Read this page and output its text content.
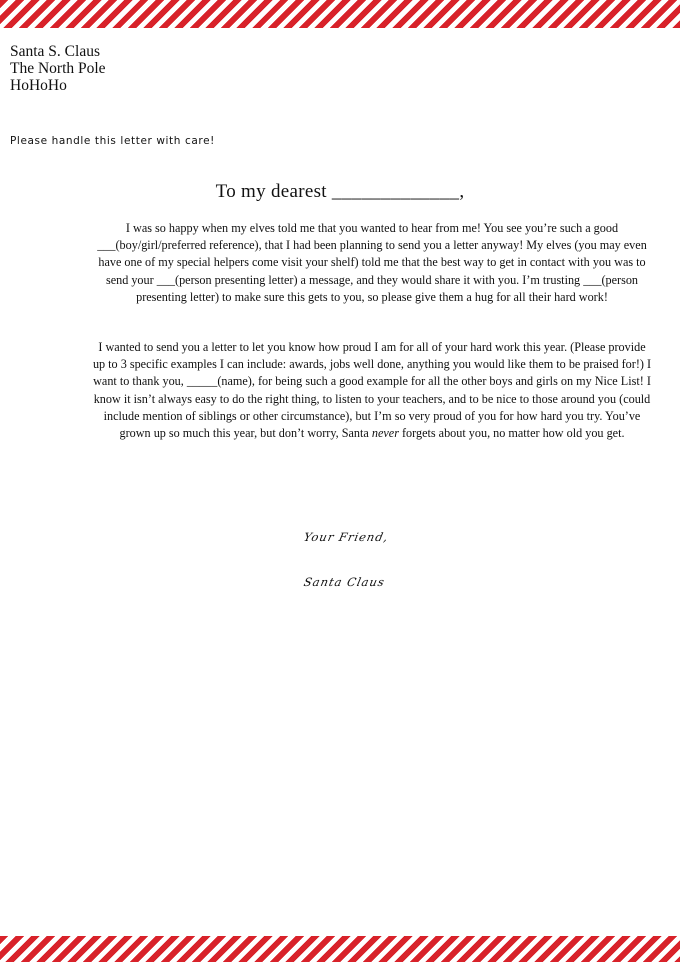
Santa S. Claus
The North Pole
HoHoHo
Please handle this letter with care!
To my dearest _____________,
I was so happy when my elves told me that you wanted to hear from me! You see you’re such a good ___(boy/girl/preferred reference), that I had been planning to send you a letter anyway! My elves (you may even have one of my special helpers come visit your shelf) told me that the best way to get in contact with you was to send your ___(person presenting letter) a message, and they would share it with you. I’m trusting ___(person presenting letter) to make sure this gets to you, so please give them a hug for all their hard work!
I wanted to send you a letter to let you know how proud I am for all of your hard work this year. (Please provide up to 3 specific examples I can include: awards, jobs well done, anything you would like them to be praised for!) I want to thank you, _____(name), for being such a good example for all the other boys and girls on my Nice List! I know it isn’t always easy to do the right thing, to listen to your teachers, and to be nice to those around you (could include mention of siblings or other circumstance), but I’m so very proud of you for how hard you try. You’ve grown up so much this year, but don’t worry, Santa never forgets about you, no matter how old you get.
Your Friend,
Santa Claus
